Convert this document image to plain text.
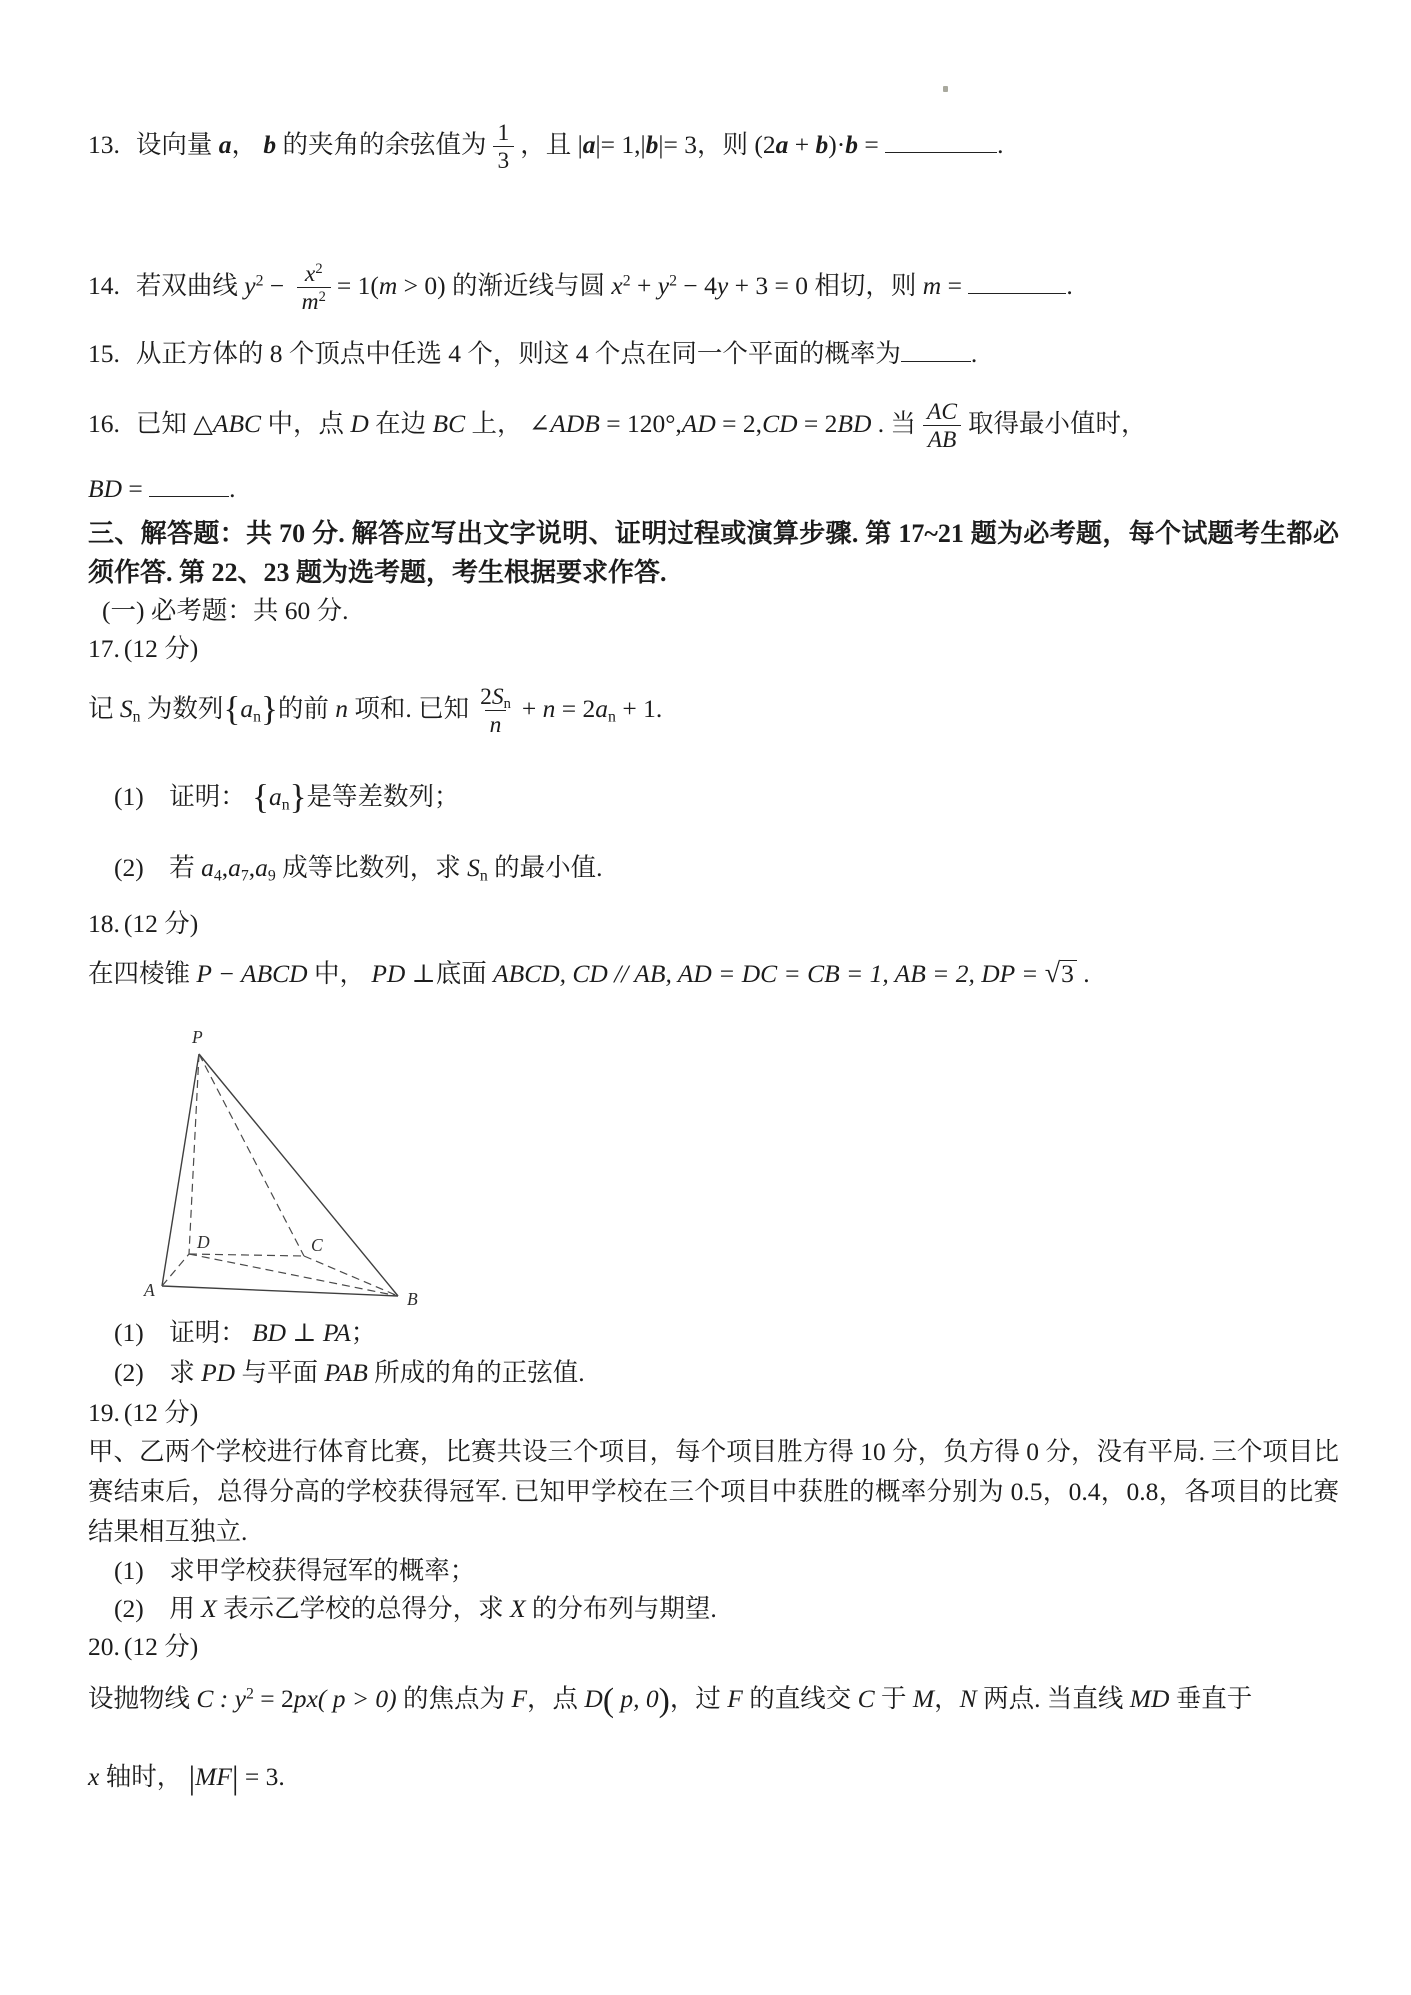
13. 设向量 a， b 的夹角的余弦值为 $\frac{1}{3}$ ，且 |a|= 1,|b|= 3，则 (2a + b)·b =	.
14. 若双曲线 $y^2 - \frac{x^2}{m^2} = 1(m > 0)$ 的渐近线与圆 $x^2 + y^2 - 4y + 3 = 0$ 相切，则 m =	.
15. 从正方体的 8 个顶点中任选 4 个，则这 4 个点在同一个平面的概率为	.
16. 已知 △ABC 中，点 D 在边 BC 上， ∠ADB = 120°,AD = 2,CD = 2BD . 当 $\frac{AC}{AB}$ 取得最小值时，
BD =	.
三、解答题：共 70 分. 解答应写出文字说明、证明过程或演算步骤. 第 17~21 题为必考题，每个试题考生都必须作答. 第 22、23 题为选考题，考生根据要求作答.
(一) 必考题：共 60 分.
17. (12 分)
记 $S_n$ 为数列$\{a_n\}$的前 n 项和. 已知 $\frac{2S_n}{n} + n = 2a_n + 1$.
(1)　证明： $\{a_n\}$是等差数列；
(2)　若 $a_4,a_7,a_9$ 成等比数列，求 $S_n$ 的最小值.
18. (12 分)
在四棱锥 P − ABCD 中， PD ⊥底面 ABCD, CD // AB, AD = DC = CB = 1, AB = 2, DP = √3 .
P
A	B
C
D
(1)　证明： BD ⊥ PA；
(2)　求 PD 与平面 PAB 所成的角的正弦值.
19. (12 分)
甲、乙两个学校进行体育比赛，比赛共设三个项目，每个项目胜方得 10 分，负方得 0 分，没有平局. 三个项目比赛结束后，总得分高的学校获得冠军. 已知甲学校在三个项目中获胜的概率分别为 0.5，0.4，0.8，各项目的比赛结果相互独立.
(1)　求甲学校获得冠军的概率；
(2)　用 X 表示乙学校的总得分，求 X 的分布列与期望.
20. (12 分)
设抛物线 C : $y^2 = 2px$( p > 0) 的焦点为 F，点 D( p, 0)，过 F 的直线交 C 于 M，N 两点. 当直线 MD 垂直于
x 轴时， |MF| = 3.
